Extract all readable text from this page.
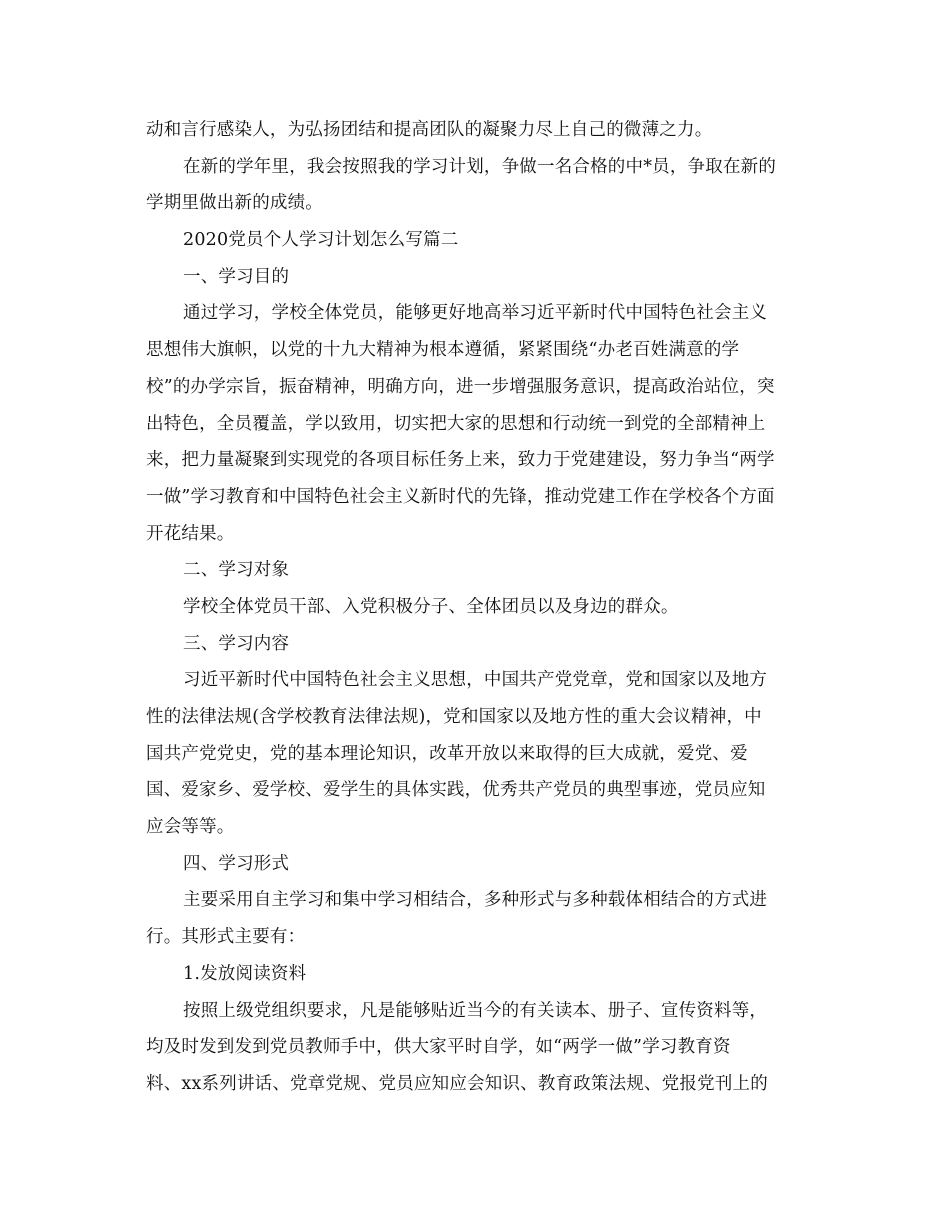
动和言行感染人，为弘扬团结和提高团队的凝聚力尽上自己的微薄之力。
在新的学年里，我会按照我的学习计划，争做一名合格的中*员，争取在新的
学期里做出新的成绩。
2020党员个人学习计划怎么写篇二
一、学习目的
通过学习，学校全体党员，能够更好地高举习近平新时代中国特色社会主义
思想伟大旗帜，以党的十九大精神为根本遵循，紧紧围绕“办老百姓满意的学
校”的办学宗旨，振奋精神，明确方向，进一步增强服务意识，提高政治站位，突
出特色，全员覆盖，学以致用，切实把大家的思想和行动统一到党的全部精神上
来，把力量凝聚到实现党的各项目标任务上来，致力于党建建设，努力争当“两学
一做”学习教育和中国特色社会主义新时代的先锋，推动党建工作在学校各个方面
开花结果。
二、学习对象
学校全体党员干部、入党积极分子、全体团员以及身边的群众。
三、学习内容
习近平新时代中国特色社会主义思想，中国共产党党章，党和国家以及地方
性的法律法规(含学校教育法律法规)，党和国家以及地方性的重大会议精神，中
国共产党党史，党的基本理论知识，改革开放以来取得的巨大成就，爱党、爱
国、爱家乡、爱学校、爱学生的具体实践，优秀共产党员的典型事迹，党员应知
应会等等。
四、学习形式
主要采用自主学习和集中学习相结合，多种形式与多种载体相结合的方式进
行。其形式主要有：
1.发放阅读资料
按照上级党组织要求，凡是能够贴近当今的有关读本、册子、宣传资料等，
均及时发到发到党员教师手中，供大家平时自学，如“两学一做”学习教育资
料、xx系列讲话、党章党规、党员应知应会知识、教育政策法规、党报党刊上的
